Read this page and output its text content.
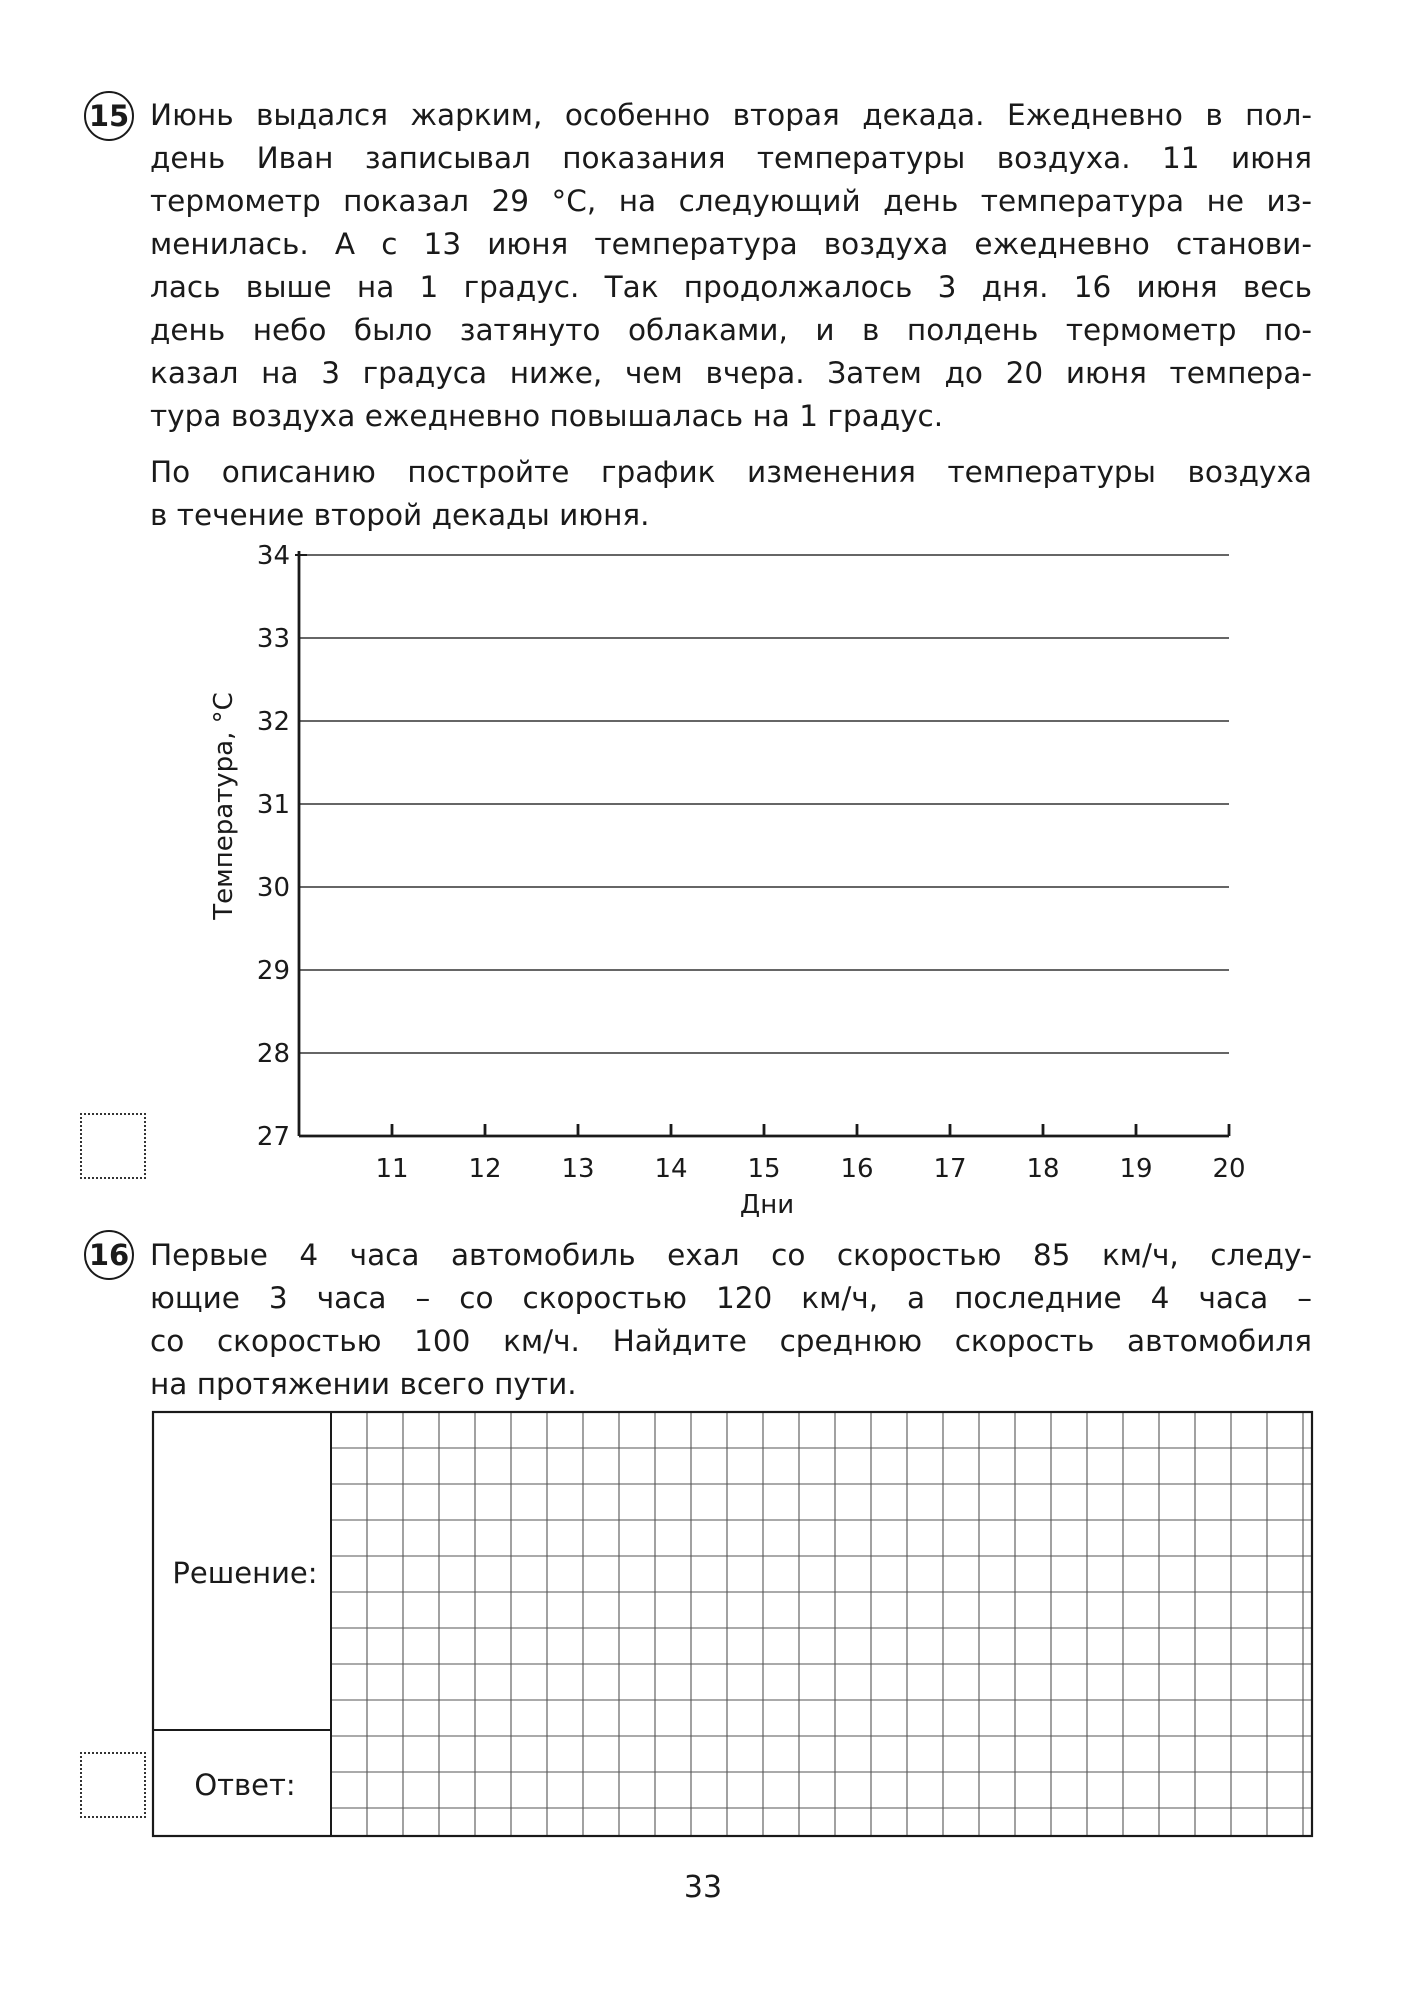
15 Июнь выдался жарким, особенно вторая декада. Ежедневно в пол-
день Иван записывал показания температуры воздуха. 11 июня
термометр показал 29 °С, на следующий день температура не из-
менилась. А с 13 июня температура воздуха ежедневно станови-
лась выше на 1 градус. Так продолжалось 3 дня. 16 июня весь
день небо было затянуто облаками, и в полдень термометр по-
казал на 3 градуса ниже, чем вчера. Затем до 20 июня темпера-
тура воздуха ежедневно повышалась на 1 градус.
По описанию постройте график изменения температуры воздуха
в течение второй декады июня.
27
28
29
30
31
32
33
34
11 12 13 14 15 16 17 18 19 20
Дни
Температура, °С
16 Первые 4 часа автомобиль ехал со скоростью 85 км/ч, следу-
ющие 3 часа – со скоростью 120 км/ч, а последние 4 часа –
со скоростью 100 км/ч. Найдите среднюю скорость автомобиля
на протяжении всего пути.
Решение:
Ответ:
33
